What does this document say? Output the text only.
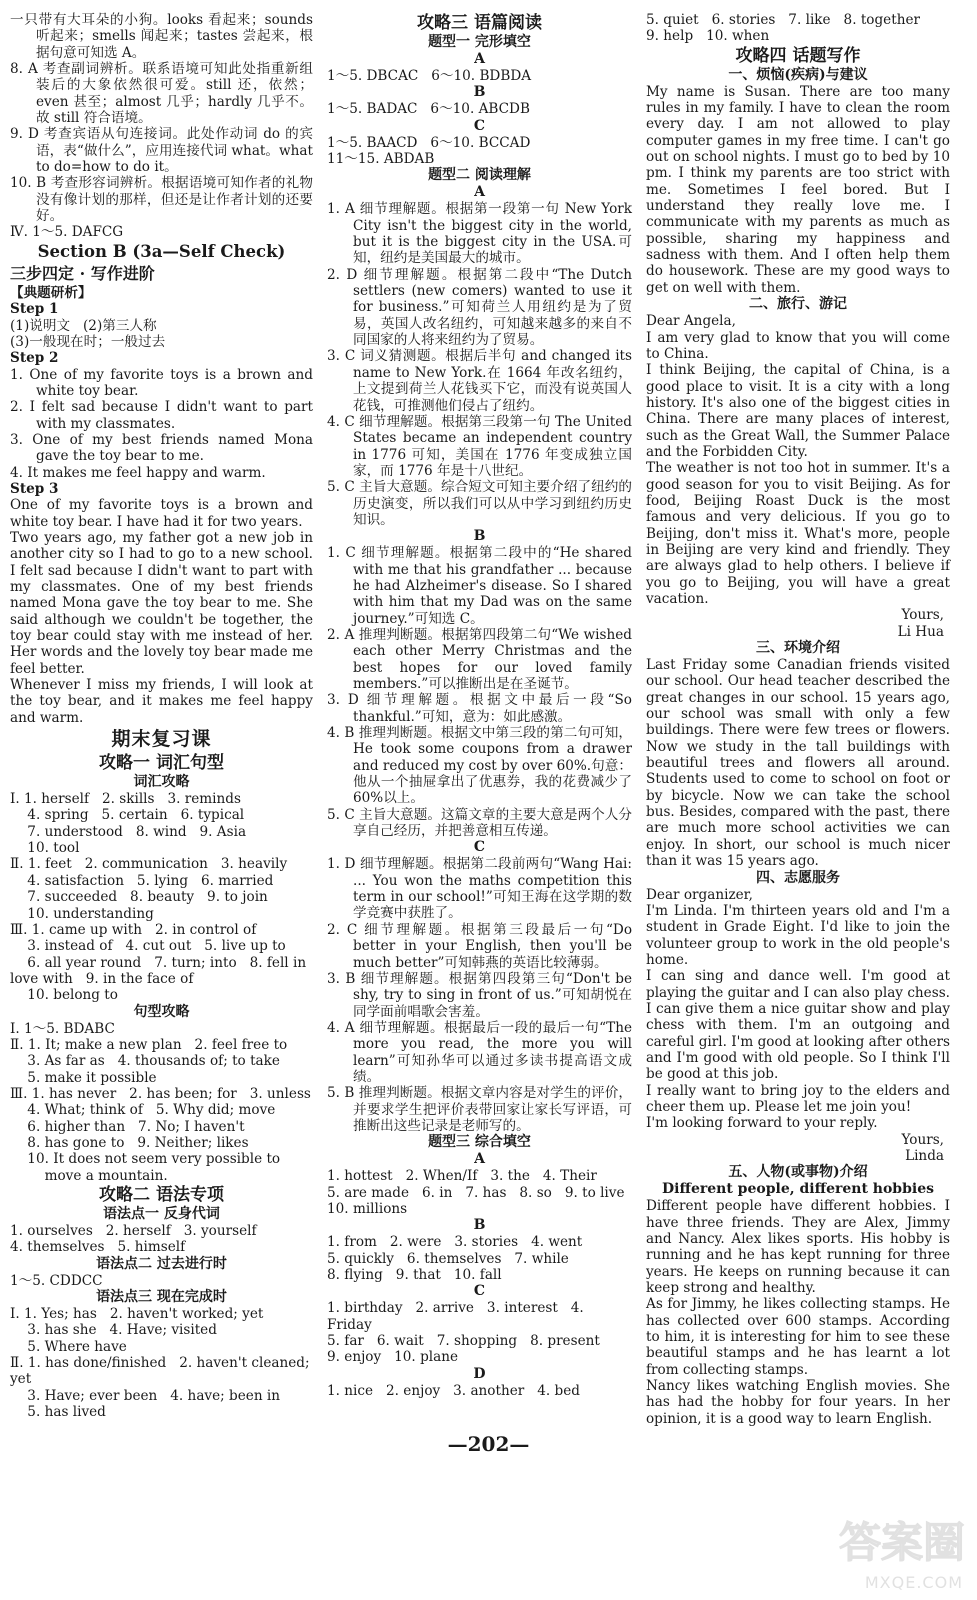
一只带有大耳朵的小狗。looks 看起来；sounds 听起来；smells 闻起来；tastes 尝起来，根据句意可知选 A。
8. A 考查副词辨析。联系语境可知此处指重新组装后的大象依然很可爱。still 还，依然；even 甚至；almost 几乎；hardly 几乎不。故 still 符合语境。
9. D 考查宾语从句连接词。此处作动词 do 的宾语，表“做什么”，应用连接代词 what。what to do=how to do it。
10. B 考查形容词辨析。根据语境可知作者的礼物没有像计划的那样，但还是让作者计划的还要好。
Ⅳ. 1～5. DAFCG
Section B (3a—Self Check)
三步四定 · 写作进阶
【典题研析】
Step 1
(1)说明文   (2)第三人称
(3)一般现在时；一般过去
Step 2
1. One of my favorite toys is a brown and white toy bear.
2. I felt sad because I didn't want to part with my classmates.
3. One of my best friends named Mona gave the toy bear to me.
4. It makes me feel happy and warm.
Step 3
One of my favorite toys is a brown and white toy bear. I have had it for two years.
Two years ago, my father got a new job in another city so I had to go to a new school. I felt sad because I didn't want to part with my classmates. One of my best friends named Mona gave the toy bear to me. She said although we couldn't be together, the toy bear could stay with me instead of her. Her words and the lovely toy bear made me feel better.
Whenever I miss my friends, I will look at the toy bear, and it makes me feel happy and warm.
期末复习课
攻略一 词汇句型
词汇攻略
Ⅰ. 1. herself   2. skills   3. reminds
4. spring   5. certain   6. typical
7. understood   8. wind   9. Asia
10. tool
Ⅱ. 1. feet   2. communication   3. heavily
4. satisfaction   5. lying   6. married
7. succeeded   8. beauty   9. to join
10. understanding
Ⅲ. 1. came up with   2. in control of
3. instead of   4. cut out   5. live up to
6. all year round   7. turn; into   8. fell in
love with   9. in the face of
10. belong to
句型攻略
Ⅰ. 1～5. BDABC
Ⅱ. 1. It; make a new plan   2. feel free to
3. As far as   4. thousands of; to take
5. make it possible
Ⅲ. 1. has never   2. has been; for   3. unless
4. What; think of   5. Why did; move
6. higher than   7. No; I haven't
8. has gone to   9. Neither; likes
10. It does not seem very possible to
move a mountain.
攻略二 语法专项
语法点一 反身代词
1. ourselves   2. herself   3. yourself
4. themselves   5. himself
语法点二 过去进行时
1～5. CDDCC
语法点三 现在完成时
Ⅰ. 1. Yes; has   2. haven't worked; yet
3. has she   4. Have; visited
5. Where have
Ⅱ. 1. has done/finished   2. haven't cleaned; yet
3. Have; ever been   4. have; been in
5. has lived
攻略三 语篇阅读
题型一 完形填空
A
1～5. DBCAC   6～10. BDBDA
B
1～5. BADAC   6～10. ABCDB
C
1～5. BAACD   6～10. BCCAD
11～15. ABDAB
题型二 阅读理解
A
1. A 细节理解题。根据第一段第一句 New York City isn't the biggest city in the world, but it is the biggest city in the USA.可知，纽约是美国最大的城市。
2. D 细节理解题。根据第二段中“The Dutch settlers (new comers) wanted to use it for business.”可知荷兰人用纽约是为了贸易，英国人改名纽约，可知越来越多的来自不同国家的人将来纽约为了贸易。
3. C 词义猜测题。根据后半句 and changed its name to New York.在 1664 年改名纽约，上文提到荷兰人花钱买下它，而没有说英国人花钱，可推测他们侵占了纽约。
4. C 细节理解题。根据第三段第一句 The United States became an independent country in 1776 可知，美国在 1776 年变成独立国家，而 1776 年是十八世纪。
5. C 主旨大意题。综合短文可知主要介绍了纽约的历史演变，所以我们可以从中学习到纽约历史知识。
B
1. C 细节理解题。根据第二段中的“He shared with me that his grandfather ... because he had Alzheimer's disease. So I shared with him that my Dad was on the same journey.”可知选 C。
2. A 推理判断题。根据第四段第二句“We wished each other Merry Christmas and the best hopes for our loved family members.”可以推断出是在圣诞节。
3. D 细节理解题。根据文中最后一段“So thankful.”可知，意为：如此感激。
4. B 推理判断题。根据文中第三段的第二句可知，He took some coupons from a drawer and reduced my cost by over 60%.句意：他从一个抽屉拿出了优惠券，我的花费减少了 60%以上。
5. C 主旨大意题。这篇文章的主要大意是两个人分享自己经历，并把善意相互传递。
C
1. D 细节理解题。根据第二段前两句“Wang Hai: ... You won the maths competition this term in our school!”可知王海在这学期的数学竞赛中获胜了。
2. C 细节理解题。根据第三段最后一句“Do better in your English, then you'll be much better”可知韩燕的英语比较薄弱。
3. B 细节理解题。根据第四段第三句“Don't be shy, try to sing in front of us.”可知胡悦在同学面前唱歌会害羞。
4. A 细节理解题。根据最后一段的最后一句“The more you read, the more you will learn”可知孙华可以通过多读书提高语文成绩。
5. B 推理判断题。根据文章内容是对学生的评价，并要求学生把评价表带回家让家长写评语，可推断出这些记录是老师写的。
题型三 综合填空
A
1. hottest   2. When/If   3. the   4. Their
5. are made   6. in   7. has   8. so   9. to live
10. millions
B
1. from   2. were   3. stories   4. went
5. quickly   6. themselves   7. while
8. flying   9. that   10. fall
C
1. birthday   2. arrive   3. interest   4. Friday
5. far   6. wait   7. shopping   8. present
9. enjoy   10. plane
D
1. nice   2. enjoy   3. another   4. bed
5. quiet   6. stories   7. like   8. together
9. help   10. when
攻略四 话题写作
一、烦恼(疾病)与建议
My name is Susan. There are too many rules in my family. I have to clean the room every day. I am not allowed to play computer games in my free time. I can't go out on school nights. I must go to bed by 10 pm. I think my parents are too strict with me. Sometimes I feel bored. But I understand they really love me. I communicate with my parents as much as possible, sharing my happiness and sadness with them. And I often help them do housework. These are my good ways to get on well with them.
二、旅行、游记
Dear Angela,
I am very glad to know that you will come to China.
I think Beijing, the capital of China, is a good place to visit. It is a city with a long history. It's also one of the biggest cities in China. There are many places of interest, such as the Great Wall, the Summer Palace and the Forbidden City.
The weather is not too hot in summer. It's a good season for you to visit Beijing. As for food, Beijing Roast Duck is the most famous and very delicious. If you go to Beijing, don't miss it. What's more, people in Beijing are very kind and friendly. They are always glad to help others. I believe if you go to Beijing, you will have a great vacation.
Yours,
Li Hua
三、环境介绍
Last Friday some Canadian friends visited our school. Our head teacher described the great changes in our school. 15 years ago, our school was small with only a few buildings. There were few trees or flowers. Now we study in the tall buildings with beautiful trees and flowers all around. Students used to come to school on foot or by bicycle. Now we can take the school bus. Besides, compared with the past, there are much more school activities we can enjoy. In short, our school is much nicer than it was 15 years ago.
四、志愿服务
Dear organizer,
I'm Linda. I'm thirteen years old and I'm a student in Grade Eight. I'd like to join the volunteer group to work in the old people's home.
I can sing and dance well. I'm good at playing the guitar and I can also play chess. I can give them a nice guitar show and play chess with them. I'm an outgoing and careful girl. I'm good at looking after others and I'm good with old people. So I think I'll be good at this job.
I really want to bring joy to the elders and cheer them up. Please let me join you!
I'm looking forward to your reply.
Yours,
Linda
五、人物(或事物)介绍
Different people, different hobbies
Different people have different hobbies. I have three friends. They are Alex, Jimmy and Nancy. Alex likes sports. His hobby is running and he has kept running for three years. He keeps on running because it can keep strong and healthy.
As for Jimmy, he likes collecting stamps. He has collected over 600 stamps. According to him, it is interesting for him to see these beautiful stamps and he has learnt a lot from collecting stamps.
Nancy likes watching English movies. She has had the hobby for four years. In her opinion, it is a good way to learn English.
—202—
答案圈
MXQE.COM
